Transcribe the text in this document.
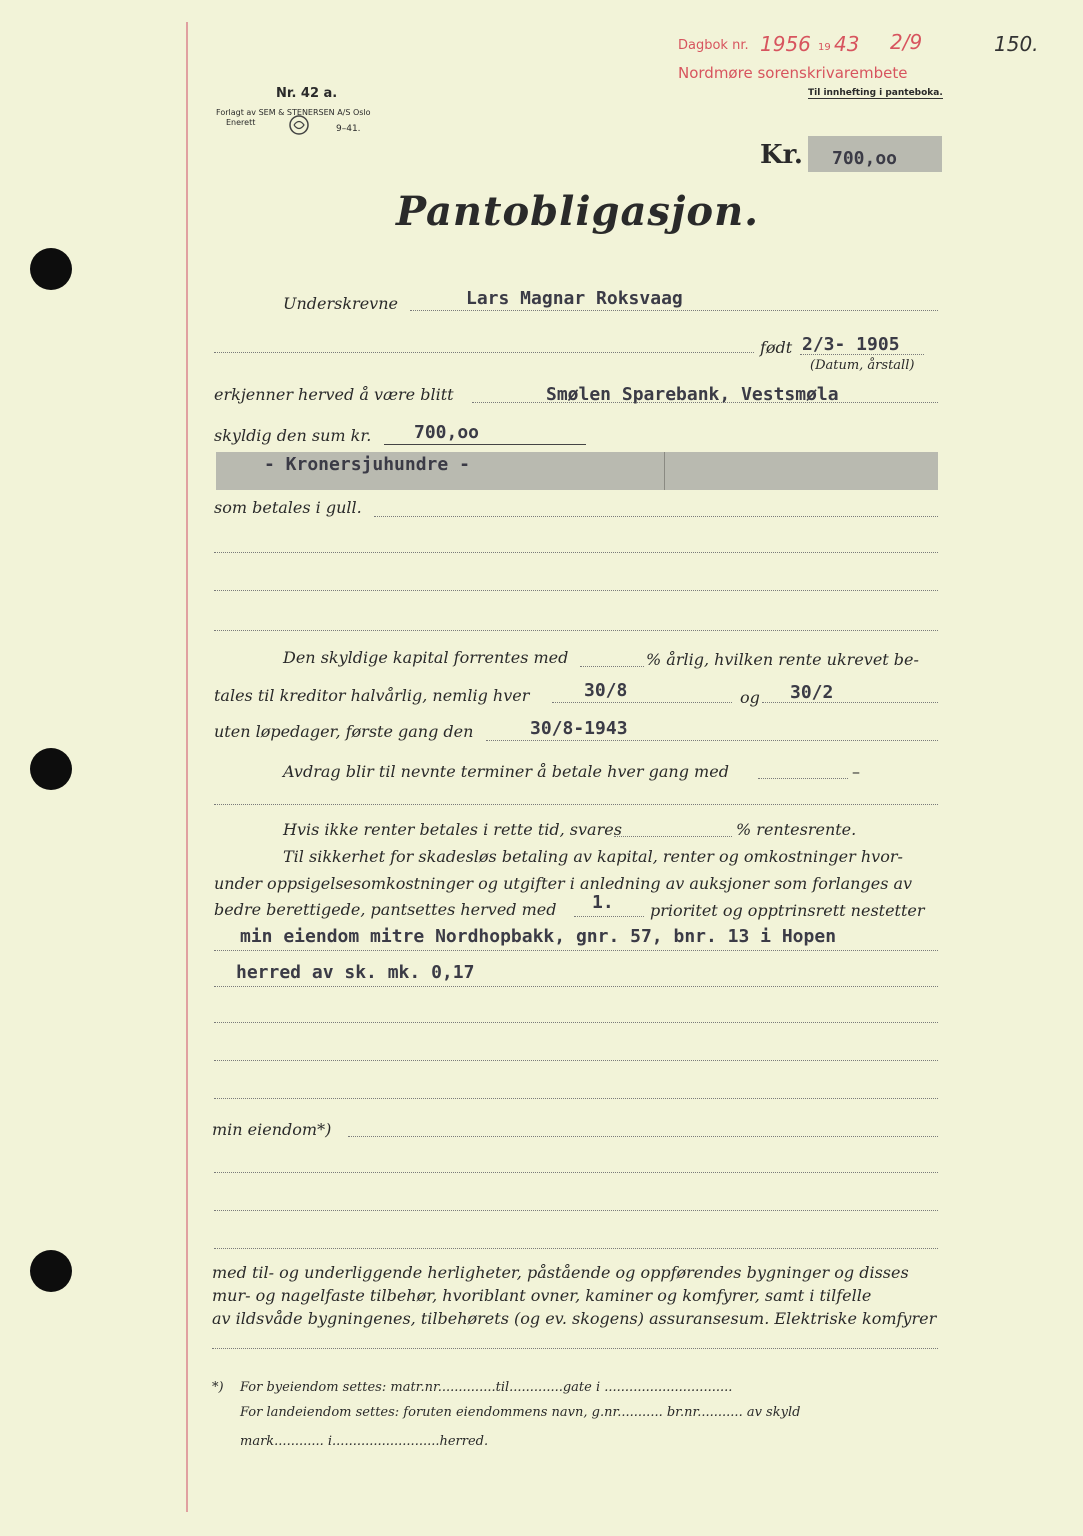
Nr. 42 a.
Forlagt av SEM & STENERSEN A/S Oslo
Enerett
9–41.
Dagbok nr. 1956 19 43 2/9
Nordmøre sorenskrivarembete
Til innhefting i panteboka.
150.
Kr. 700,oo
Pantobligasjon.
Underskrevne	Lars Magnar Roksvaag
født 2/3- 1905
(Datum, årstall)
erkjenner herved å være blitt	Smølen Sparebank, Vestsmøla
skyldig den sum kr. 700,oo
- Kronersjuhundre -
som betales i gull.
Den skyldige kapital forrentes med	% årlig, hvilken rente ukrevet be-
tales til kreditor halvårlig, nemlig hver	30/8	og 30/2
uten løpedager, første gang den	30/8-1943
Avdrag blir til nevnte terminer å betale hver gang med	–
Hvis ikke renter betales i rette tid, svares	% rentesrente.
Til sikkerhet for skadesløs betaling av kapital, renter og omkostninger hvor-
under oppsigelsesomkostninger og utgifter i anledning av auksjoner som forlanges av
bedre berettigede, pantsettes herved med 1. prioritet og opptrinsrett nestetter
min eiendom mitre Nordhopbakk, gnr. 57, bnr. 13 i Hopen
herred av sk. mk. 0,17
min eiendom*)
med til- og underliggende herligheter, påstående og oppførendes bygninger og disses
mur- og nagelfaste tilbehør, hvoriblant ovner, kaminer og komfyrer, samt i tilfelle
av ildsvåde bygningenes, tilbehørets (og ev. skogens) assuransesum. Elektriske komfyrer
*) For byeiendom settes: matr.nr..............til.............gate i ...............................
For landeiendom settes: foruten eiendommens navn, g.nr........... br.nr........... av skyld
mark............ i..........................herred.
